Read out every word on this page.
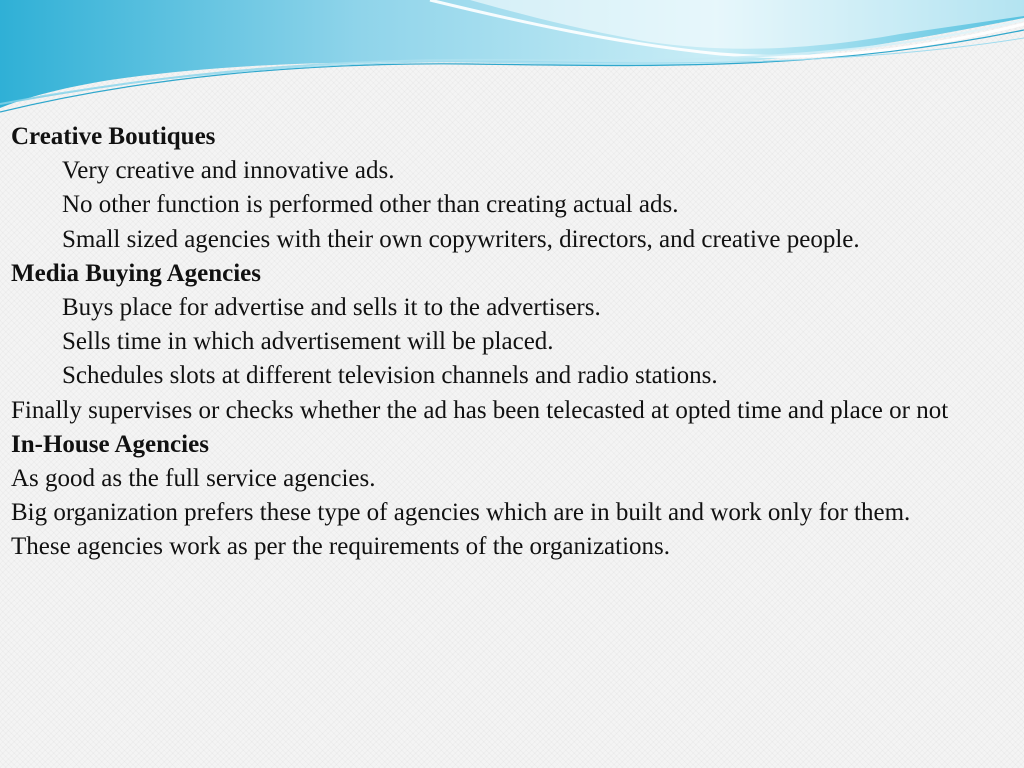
Creative Boutiques

Very creative and innovative ads.

No other function is performed other than creating actual ads.

Small sized agencies with their own copywriters, directors, and creative people.

Media Buying Agencies

Buys place for advertise and sells it to the advertisers.

Sells time in which advertisement will be placed.

Schedules slots at different television channels and radio stations.

Finally supervises or checks whether the ad has been telecasted at opted time and place or not

In-House Agencies

As good as the full service agencies.

Big organization prefers these type of agencies which are in built and work only for them.

These agencies work as per the requirements of the organizations.
